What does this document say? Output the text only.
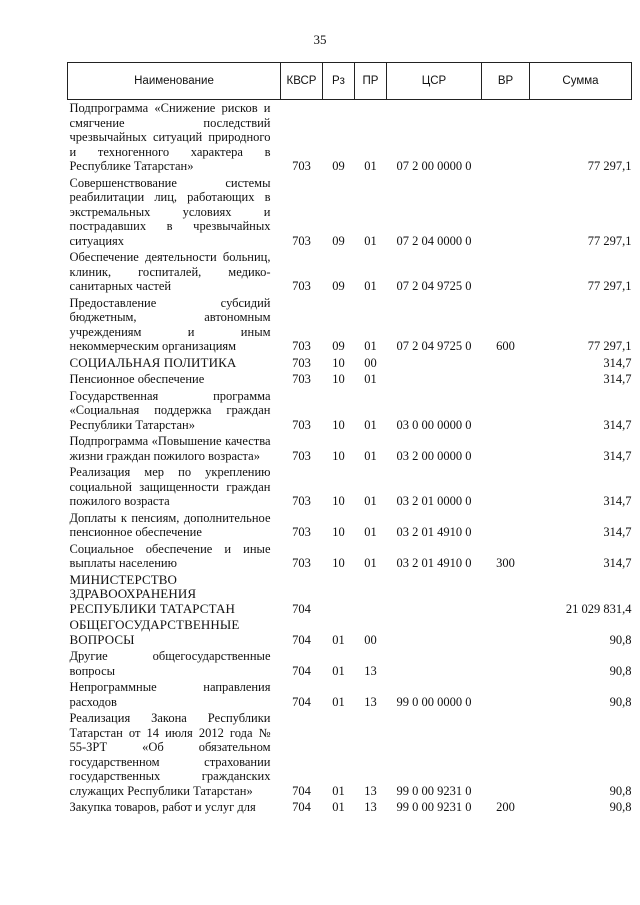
35
Наименование	КВСР	Рз	ПР	ЦСР	ВР	Сумма
Подпрограмма «Снижение рисков и смягчение последствий чрезвычайных ситуаций природного и техногенного характера в Республике Татарстан»	703	09	01	07 2 00 0000 0		77 297,1
Совершенствование системы реабилитации лиц, работающих в экстремальных условиях и пострадавших в чрезвычайных ситуациях	703	09	01	07 2 04 0000 0		77 297,1
Обеспечение деятельности больниц, клиник, госпиталей, медико-санитарных частей	703	09	01	07 2 04 9725 0		77 297,1
Предоставление субсидий бюджетным, автономным учреждениям и иным некоммерческим организациям	703	09	01	07 2 04 9725 0	600	77 297,1
СОЦИАЛЬНАЯ ПОЛИТИКА	703	10	00			314,7
Пенсионное обеспечение	703	10	01			314,7
Государственная программа «Социальная поддержка граждан Республики Татарстан»	703	10	01	03 0 00 0000 0		314,7
Подпрограмма «Повышение качества жизни граждан пожилого возраста»	703	10	01	03 2 00 0000 0		314,7
Реализация мер по укреплению социальной защищенности граждан пожилого возраста	703	10	01	03 2 01 0000 0		314,7
Доплаты к пенсиям, дополнительное пенсионное обеспечение	703	10	01	03 2 01 4910 0		314,7
Социальное обеспечение и иные выплаты населению	703	10	01	03 2 01 4910 0	300	314,7
МИНИСТЕРСТВО ЗДРАВООХРАНЕНИЯ РЕСПУБЛИКИ ТАТАРСТАН	704					21 029 831,4
ОБЩЕГОСУДАРСТВЕННЫЕ ВОПРОСЫ	704	01	00			90,8
Другие общегосударственные вопросы	704	01	13			90,8
Непрограммные направления расходов	704	01	13	99 0 00 0000 0		90,8
Реализация Закона Республики Татарстан от 14 июля 2012 года № 55-ЗРТ «Об обязательном государственном страховании государственных гражданских служащих Республики Татарстан»	704	01	13	99 0 00 9231 0		90,8
Закупка товаров, работ и услуг для	704	01	13	99 0 00 9231 0	200	90,8
